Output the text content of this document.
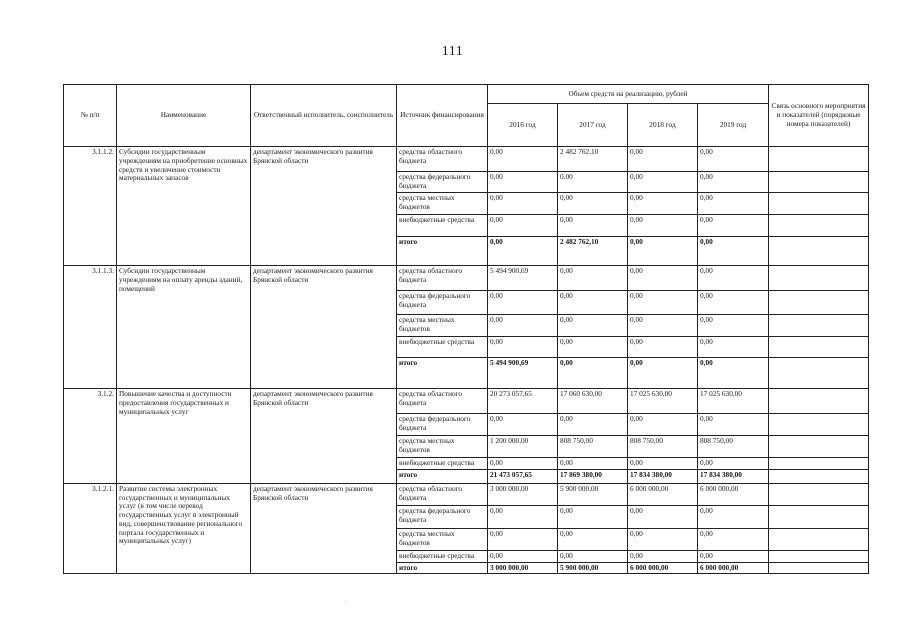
111
№ п/п	Наименование	Ответственный исполнитель, соисполнитель	Источник финансирования	Объем средств на реализацию, рублей				Связь основного мероприятия и показателей (порядковые номера показателей)
				2016 год	2017 год	2018 год	2019 год	
3.1.1.2.	Субсидии государственным учреждениям на приобретение основных средств и увеличение стоимости материальных запасов	департамент экономического развития Брянской области	средства областного бюджета	0,00	2 482 762,10	0,00	0,00	
			средства федерального бюджета	0,00	0,00	0,00	0,00	
			средства местных бюджетов	0,00	0,00	0,00	0,00	
			внебюджетные средства	0,00	0,00	0,00	0,00	
			итого	0,00	2 482 762,10	0,00	0,00	
3.1.1.3.	Субсидии государственным учреждениям на оплату аренды зданий, помещений	департамент экономического развития Брянской области	средства областного бюджета	5 494 900,69	0,00	0,00	0,00	
			средства федерального бюджета	0,00	0,00	0,00	0,00	
			средства местных бюджетов	0,00	0,00	0,00	0,00	
			внебюджетные средства	0,00	0,00	0,00	0,00	
			итого	5 494 900,69	0,00	0,00	0,00	
3.1.2.	Повышение качества и доступности предоставления государственных и муниципальных услуг	департамент экономического развития Брянской области	средства областного бюджета	20 273 057,65	17 060 630,00	17 025 630,00	17 025 630,00	
			средства федерального бюджета	0,00	0,00	0,00	0,00	
			средства местных бюджетов	1 200 000,00	808 750,00	808 750,00	808 750,00	
			внебюджетные средства	0,00	0,00	0,00	0,00	
			итого	21 473 057,65	17 869 380,00	17 834 380,00	17 834 380,00	
3.1.2.1.	Развитие системы электронных государственных и муниципальных услуг (в том числе перевод государственных услуг в электронный вид, совершенствование регионального портала государственных и муниципальных услуг)	департамент экономического развития Брянской области	средства областного бюджета	3 000 000,00	5 900 000,00	6 000 000,00	6 000 000,00	
			средства федерального бюджета	0,00	0,00	0,00	0,00	
			средства местных бюджетов	0,00	0,00	0,00	0,00	
			внебюджетные средства	0,00	0,00	0,00	0,00	
			итого	3 000 000,00	5 900 000,00	6 000 000,00	6 000 000,00	
.
